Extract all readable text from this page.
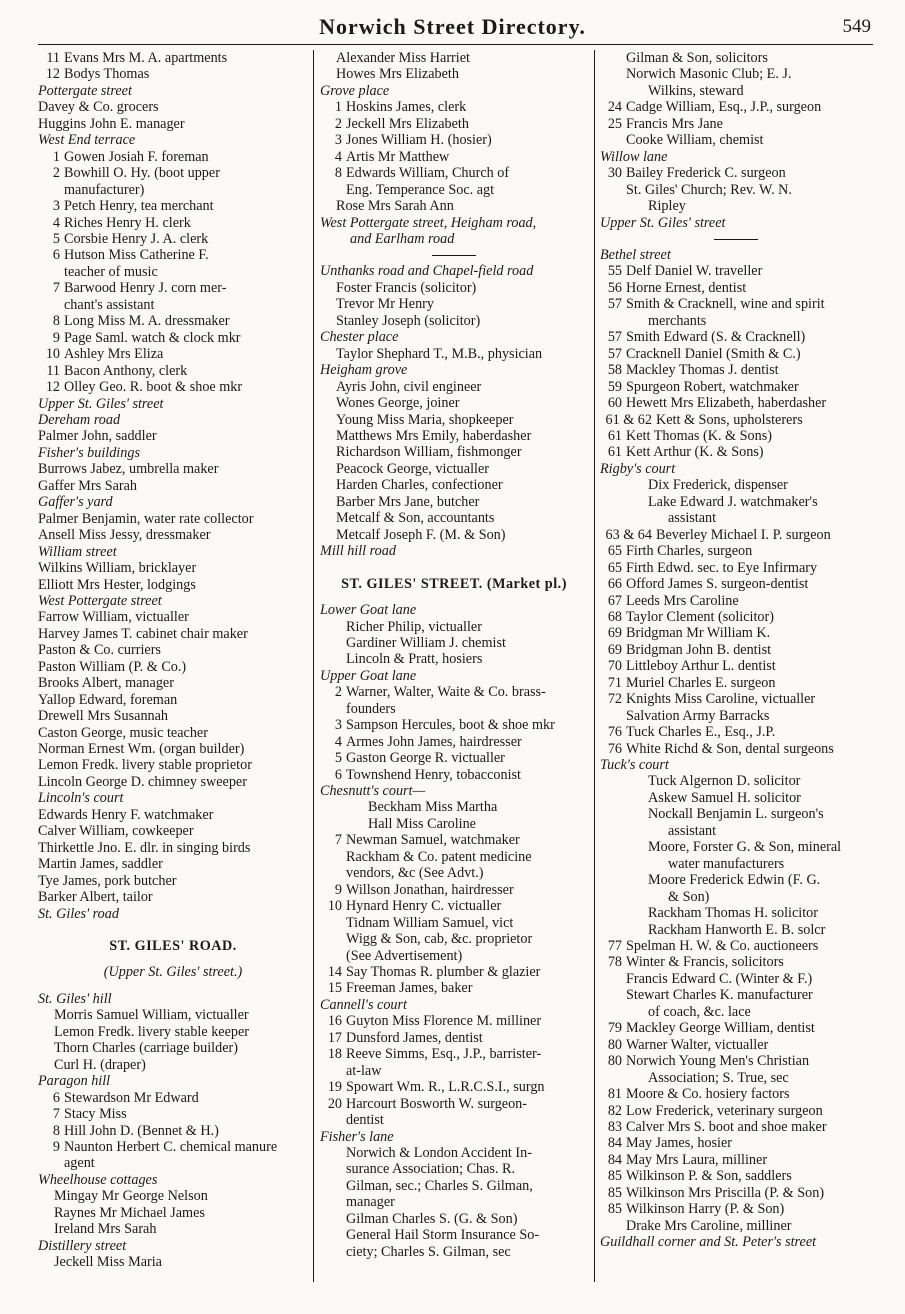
Norwich Street Directory.	549
11 Evans Mrs M. A. apartments
12 Bodys Thomas
Pottergate street
Davey & Co. grocers
Huggins John E. manager
West End terrace
1 Gowen Josiah F. foreman
2 Bowhill O. Hy. (boot upper
manufacturer)
3 Petch Henry, tea merchant
4 Riches Henry H. clerk
5 Corsbie Henry J. A. clerk
6 Hutson Miss Catherine F.
teacher of music
7 Barwood Henry J. corn mer-
chant's assistant
8 Long Miss M. A. dressmaker
9 Page Saml. watch & clock mkr
10 Ashley Mrs Eliza
11 Bacon Anthony, clerk
12 Olley Geo. R. boot & shoe mkr
Upper St. Giles' street
Dereham road
Palmer John, saddler
Fisher's buildings
Burrows Jabez, umbrella maker
Gaffer Mrs Sarah
Gaffer's yard
Palmer Benjamin, water rate collector
Ansell Miss Jessy, dressmaker
William street
Wilkins William, bricklayer
Elliott Mrs Hester, lodgings
West Pottergate street
Farrow William, victualler
Harvey James T. cabinet chair maker
Paston & Co. curriers
Paston William (P. & Co.)
Brooks Albert, manager
Yallop Edward, foreman
Drewell Mrs Susannah
Caston George, music teacher
Norman Ernest Wm. (organ builder)
Lemon Fredk. livery stable proprietor
Lincoln George D. chimney sweeper
Lincoln's court
Edwards Henry F. watchmaker
Calver William, cowkeeper
Thirkettle Jno. E. dlr. in singing birds
Martin James, saddler
Tye James, pork butcher
Barker Albert, tailor
St. Giles' road
ST. GILES' ROAD.
(Upper St. Giles' street.)
St. Giles' hill
Morris Samuel William, victualler
Lemon Fredk. livery stable keeper
Thorn Charles (carriage builder)
Curl H. (draper)
Paragon hill
6 Stewardson Mr Edward
7 Stacy Miss
8 Hill John D. (Bennet & H.)
9 Naunton Herbert C. chemical manure
agent
Wheelhouse cottages
Mingay Mr George Nelson
Raynes Mr Michael James
Ireland Mrs Sarah
Distillery street
Jeckell Miss Maria
Alexander Miss Harriet
Howes Mrs Elizabeth
Grove place
1 Hoskins James, clerk
2 Jeckell Mrs Elizabeth
3 Jones William H. (hosier)
4 Artis Mr Matthew
8 Edwards William, Church of
Eng. Temperance Soc. agt
Rose Mrs Sarah Ann
West Pottergate street, Heigham road,
and Earlham road
Unthanks road and Chapel-field road
Foster Francis (solicitor)
Trevor Mr Henry
Stanley Joseph (solicitor)
Chester place
Taylor Shephard T., M.B., physician
Heigham grove
Ayris John, civil engineer
Wones George, joiner
Young Miss Maria, shopkeeper
Matthews Mrs Emily, haberdasher
Richardson William, fishmonger
Peacock George, victualler
Harden Charles, confectioner
Barber Mrs Jane, butcher
Metcalf & Son, accountants
Metcalf Joseph F. (M. & Son)
Mill hill road
ST. GILES' STREET. (Market pl.)
Lower Goat lane
Richer Philip, victualler
Gardiner William J. chemist
Lincoln & Pratt, hosiers
Upper Goat lane
2 Warner, Walter, Waite & Co. brass-
founders
3 Sampson Hercules, boot & shoe mkr
4 Armes John James, hairdresser
5 Gaston George R. victualler
6 Townshend Henry, tobacconist
Chesnutt's court—
Beckham Miss Martha
Hall Miss Caroline
7 Newman Samuel, watchmaker
Rackham & Co. patent medicine
vendors, &c (See Advt.)
9 Willson Jonathan, hairdresser
10 Hynard Henry C. victualler
Tidnam William Samuel, vict
Wigg & Son, cab, &c. proprietor
(See Advertisement)
14 Say Thomas R. plumber & glazier
15 Freeman James, baker
Cannell's court
16 Guyton Miss Florence M. milliner
17 Dunsford James, dentist
18 Reeve Simms, Esq., J.P., barrister-
at-law
19 Spowart Wm. R., L.R.C.S.I., surgn
20 Harcourt Bosworth W. surgeon-
dentist
Fisher's lane
Norwich & London Accident In-
surance Association; Chas. R.
Gilman, sec.; Charles S. Gilman,
manager
Gilman Charles S. (G. & Son)
General Hail Storm Insurance So-
ciety; Charles S. Gilman, sec
Gilman & Son, solicitors
Norwich Masonic Club; E. J.
Wilkins, steward
24 Cadge William, Esq., J.P., surgeon
25 Francis Mrs Jane
Cooke William, chemist
Willow lane
30 Bailey Frederick C. surgeon
St. Giles' Church; Rev. W. N.
Ripley
Upper St. Giles' street
Bethel street
55 Delf Daniel W. traveller
56 Horne Ernest, dentist
57 Smith & Cracknell, wine and spirit
merchants
57 Smith Edward (S. & Cracknell)
57 Cracknell Daniel (Smith & C.)
58 Mackley Thomas J. dentist
59 Spurgeon Robert, watchmaker
60 Hewett Mrs Elizabeth, haberdasher
61 & 62 Kett & Sons, upholsterers
61 Kett Thomas (K. & Sons)
61 Kett Arthur (K. & Sons)
Rigby's court
Dix Frederick, dispenser
Lake Edward J. watchmaker's
assistant
63 & 64 Beverley Michael I. P. surgeon
65 Firth Charles, surgeon
65 Firth Edwd. sec. to Eye Infirmary
66 Offord James S. surgeon-dentist
67 Leeds Mrs Caroline
68 Taylor Clement (solicitor)
69 Bridgman Mr William K.
69 Bridgman John B. dentist
70 Littleboy Arthur L. dentist
71 Muriel Charles E. surgeon
72 Knights Miss Caroline, victualler
Salvation Army Barracks
76 Tuck Charles E., Esq., J.P.
76 White Richd & Son, dental surgeons
Tuck's court
Tuck Algernon D. solicitor
Askew Samuel H. solicitor
Nockall Benjamin L. surgeon's
assistant
Moore, Forster G. & Son, mineral
water manufacturers
Moore Frederick Edwin (F. G.
& Son)
Rackham Thomas H. solicitor
Rackham Hanworth E. B. solcr
77 Spelman H. W. & Co. auctioneers
78 Winter & Francis, solicitors
Francis Edward C. (Winter & F.)
Stewart Charles K. manufacturer
of coach, &c. lace
79 Mackley George William, dentist
80 Warner Walter, victualler
80 Norwich Young Men's Christian
Association; S. True, sec
81 Moore & Co. hosiery factors
82 Low Frederick, veterinary surgeon
83 Calver Mrs S. boot and shoe maker
84 May James, hosier
84 May Mrs Laura, milliner
85 Wilkinson P. & Son, saddlers
85 Wilkinson Mrs Priscilla (P. & Son)
85 Wilkinson Harry (P. & Son)
Drake Mrs Caroline, milliner
Guildhall corner and St. Peter's street
